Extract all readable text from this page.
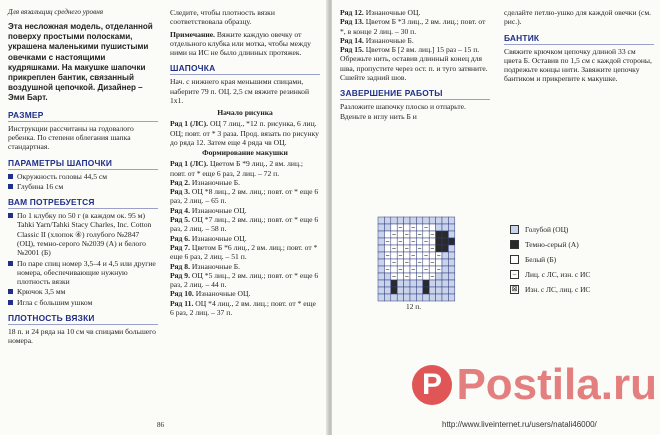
Для вязальщиц среднего уровня

Эта несложная модель, отделанной поверху простыми полосками, украшена маленькими пушистыми овечками с настоящими кудряшками. На макушке шапочки прикреплен бантик, связанный воздушной цепочкой. Дизайнер – Эми Барт.

РАЗМЕР

Инструкции рассчитаны на годовалого ребенка. По степени облегания шапка стандартная.

ПАРАМЕТРЫ ШАПОЧКИ

Окружность головы 44,5 см

Глубина 16 см

ВАМ ПОТРЕБУЕТСЯ

По 1 клубку по 50 г (в каждом ок. 95 м) Tahki Yarn/Tahki Stacy Charles, Inc. Cotton Classic II (хлопок ④) голубого №2847 (ОЦ), темно-серого №2039 (А) и белого №2001 (Б)

По паре спиц номер 3,5–4 и 4,5 или другие номера, обеспечивающие нужную плотность вязки

Крючок 3,5 мм

Игла с большим ушком

ПЛОТНОСТЬ ВЯЗКИ

18 п. и 24 ряда на 10 см чв спицами большего номера.

Следите, чтобы плотность вязки соответствовала образцу.

Примечание. Вяжите каждую овечку от отдельного клубка или мотка, чтобы между ними на ИС не было длинных протяжек.

ШАПОЧКА

Нач. с нижнего края меньшими спицами, наберите 79 п. ОЦ. 2,5 см вяжите резинкой 1х1.

Начало рисунка

Ряд 1 (ЛС). ОЦ 7 лиц., *12 п. рисунка, 6 лиц. ОЦ; повт. от * 3 раза. Прод. вязать по рисунку до ряда 12. Затем еще 4 ряда чв ОЦ.

Формирование макушки

Ряд 1 (ЛС). Цветом Б *9 лиц., 2 вм. лиц.; повт. от * еще 6 раз, 2 лиц. – 72 п.

Ряд 2. Изнаночные Б.

Ряд 3. ОЦ *8 лиц., 2 вм. лиц.; повт. от * еще 6 раз, 2 лиц. – 65 п.

Ряд 4. Изнаночные ОЦ.

Ряд 5. ОЦ *7 лиц., 2 вм. лиц.; повт. от * еще 6 раз, 2 лиц. – 58 п.

Ряд 6. Изнаночные ОЦ.

Ряд 7. Цветом Б *6 лиц., 2 вм. лиц.; повт. от * еще 6 раз, 2 лиц. – 51 п.

Ряд 8. Изнаночные Б.

Ряд 9. ОЦ *5 лиц., 2 вм. лиц.; повт. от * еще 6 раз, 2 лиц. – 44 п.

Ряд 10. Изнаночные ОЦ.

Ряд 11. ОЦ *4 лиц., 2 вм. лиц.; повт. от * еще 6 раз, 2 лиц. – 37 п.

86

Ряд 12. Изнаночные ОЦ.

Ряд 13. Цветом Б *3 лиц., 2 вм. лиц.; повт. от *, в конце 2 лиц. – 30 п.

Ряд 14. Изнаночные Б.

Ряд 15. Цветом Б [2 вм. лиц.] 15 раз – 15 п. Обрежьте нить, оставив длинный конец для шва, пропустите через ост. п. и туго затяните. Сшейте задний шов.

ЗАВЕРШЕНИЕ РАБОТЫ

Разложите шапочку плоско и отпарьте. Вденьте в иглу нить Б и

сделайте петлю-ушко для каждой овечки (см. рис.).

БАНТИК

Свяжите крючком цепочку длиной 33 см цвета Б. Оставив по 1,5 см с каждой стороны, подрежьте концы нити. Завяжите цепочку бантиком и прикрепите к макушке.

12 п.
Голубой (ОЦ)
Темно-серый (А)
Белый (Б)
–	Лиц. с ЛС, изн. с ИС
⊠ Изн. с ЛС, лиц. с ИС
P Postila.ru
http://www.liveinternet.ru/users/natali46000/
